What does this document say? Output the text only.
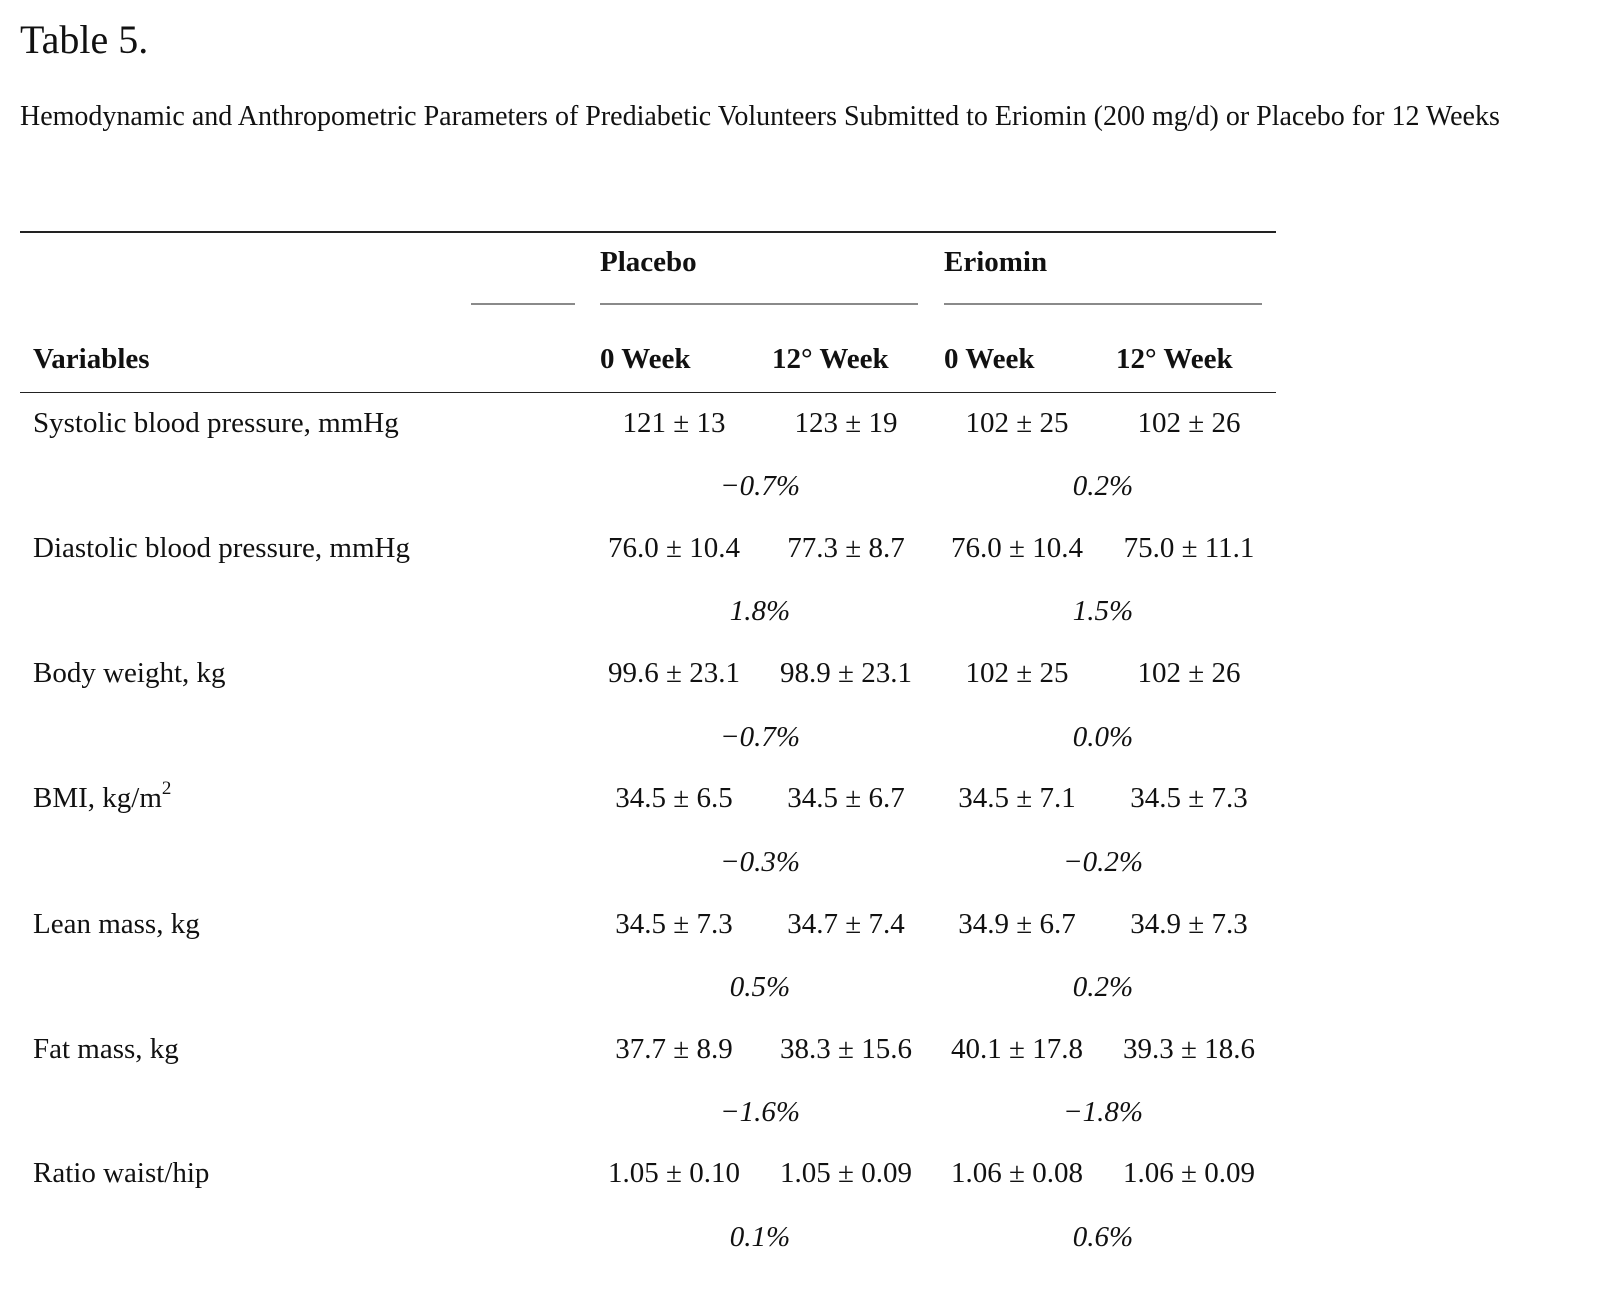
Table 5.
Hemodynamic and Anthropometric Parameters of Prediabetic Volunteers Submitted to Eriomin (200 mg/d) or Placebo for 12 Weeks
Placebo	Eriomin
Variables	0 Week	12° Week 0 Week	12° Week
Systolic blood pressure, mmHg	121 ± 13 123 ± 19 102 ± 25 102 ± 26
−0.7%	0.2%
Diastolic blood pressure, mmHg	76.0 ± 10.4 77.3 ± 8.7 76.0 ± 10.4 75.0 ± 11.1
1.8%	1.5%
Body weight, kg	99.6 ± 23.1 98.9 ± 23.1 102 ± 25 102 ± 26
−0.7%	0.0%
BMI, $kg/m^2$	34.5 ± 6.5 34.5 ± 6.7 34.5 ± 7.1 34.5 ± 7.3
−0.3%	−0.2%
Lean mass, kg	34.5 ± 7.3 34.7 ± 7.4 34.9 ± 6.7 34.9 ± 7.3
0.5%	0.2%
Fat mass, kg	37.7 ± 8.9 38.3 ± 15.6 40.1 ± 17.8 39.3 ± 18.6
−1.6%	−1.8%
Ratio waist/hip	1.05 ± 0.10 1.05 ± 0.09 1.06 ± 0.08 1.06 ± 0.09
0.1%	0.6%
